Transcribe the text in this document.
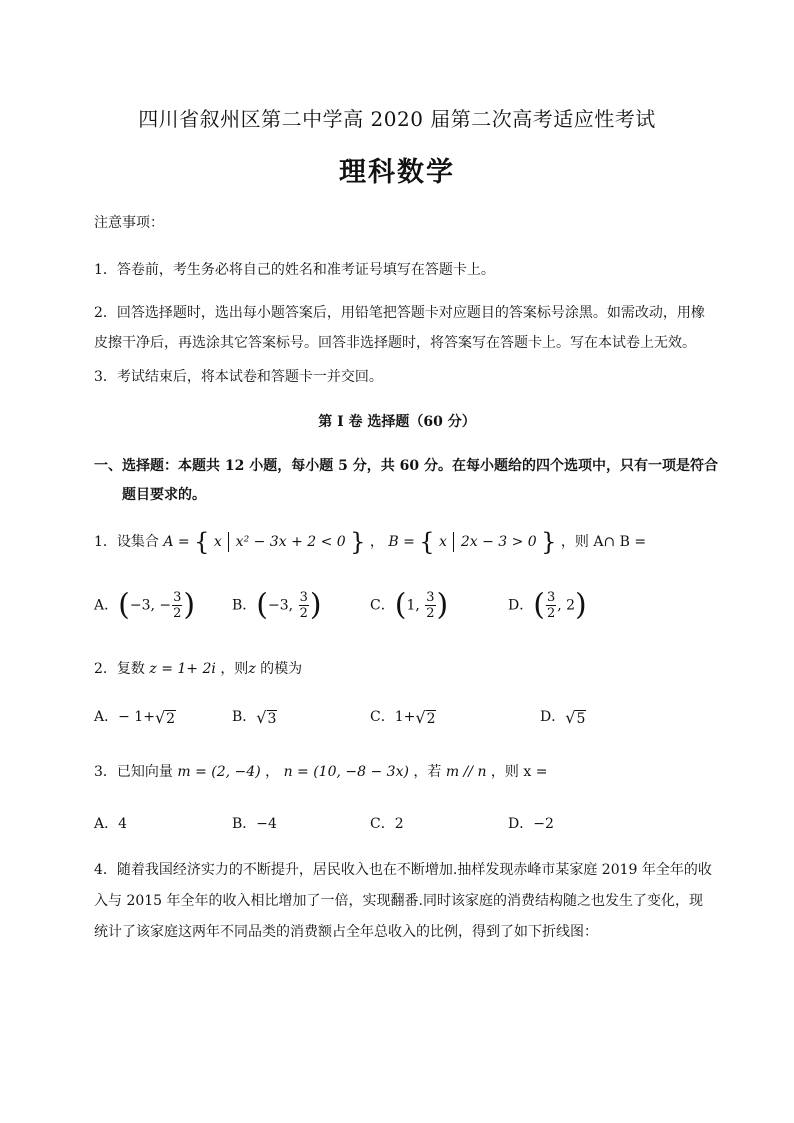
四川省叙州区第二中学高 2020 届第二次高考适应性考试
理科数学
注意事项：
1．答卷前，考生务必将自己的姓名和准考证号填写在答题卡上。
2．回答选择题时，选出每小题答案后，用铅笔把答题卡对应题目的答案标号涂黑。如需改动，用橡
皮擦干净后，再选涂其它答案标号。回答非选择题时，将答案写在答题卡上。写在本试卷上无效。
3．考试结束后，将本试卷和答题卡一并交回。
第 I 卷 选择题（60 分）
一、选择题：本题共 12 小题，每小题 5 分，共 60 分。在每小题给的四个选项中，只有一项是符合
题目要求的。
1．设集合 A = { x x² − 3x + 2 < 0 } ， B = { x 2x − 3 > 0 } ，则 A∩ B =
A．(−3, − $\frac{3}{2}$ )	B．(−3, $\frac{3}{2}$ )	C．(1, $\frac{3}{2}$ )	D．( $\frac{3}{2}$ , 2)
2．复数 z = 1+ 2i ，则z 的模为
A．− 1+√2	B．√3	C．1+√2	D．√5
3．已知向量 m = (2, −4) ， n = (10, −8 − 3x) ，若 m // n ，则 x =
A．4	B．−4	C．2	D．−2
4．随着我国经济实力的不断提升，居民收入也在不断增加.抽样发现赤峰市某家庭 2019 年全年的收
入与 2015 年全年的收入相比增加了一倍，实现翻番.同时该家庭的消费结构随之也发生了变化，现
统计了该家庭这两年不同品类的消费额占全年总收入的比例，得到了如下折线图：
